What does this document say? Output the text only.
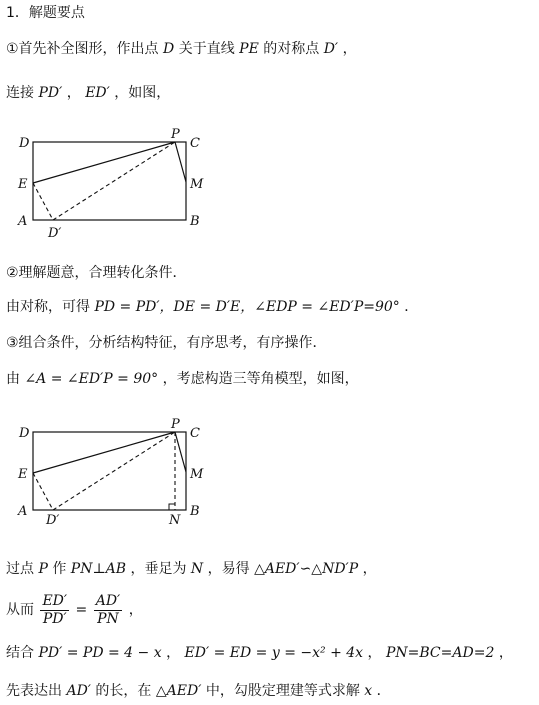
1．解题要点
①首先补全图形，作出点 D 关于直线 PE 的对称点 D′ ，
连接 PD′ ， ED′ ，如图，
D
P
C
E	M
A
D′
B
②理解题意，合理转化条件．
由对称，可得 PD = PD′，DE = D′E，∠EDP = ∠ED′P=90° ．
③组合条件，分析结构特征，有序思考，有序操作．
由 ∠A = ∠ED′P = 90° ，考虑构造三等角模型，如图，
D
P
C
E	M
A
D′	N
B
过点 P 作 PN⊥AB ，垂足为 N ，易得 △AED′∽△ND′P ，
从而 $\frac{ED'}{PD'} = \frac{AD'}{PN}$ ，
结合 PD′ = PD = 4 − x ， ED′ = ED = y = −x² + 4x ， PN=BC=AD=2 ，
先表达出 AD′ 的长，在 △AED′ 中，勾股定理建等式求解 x ．
